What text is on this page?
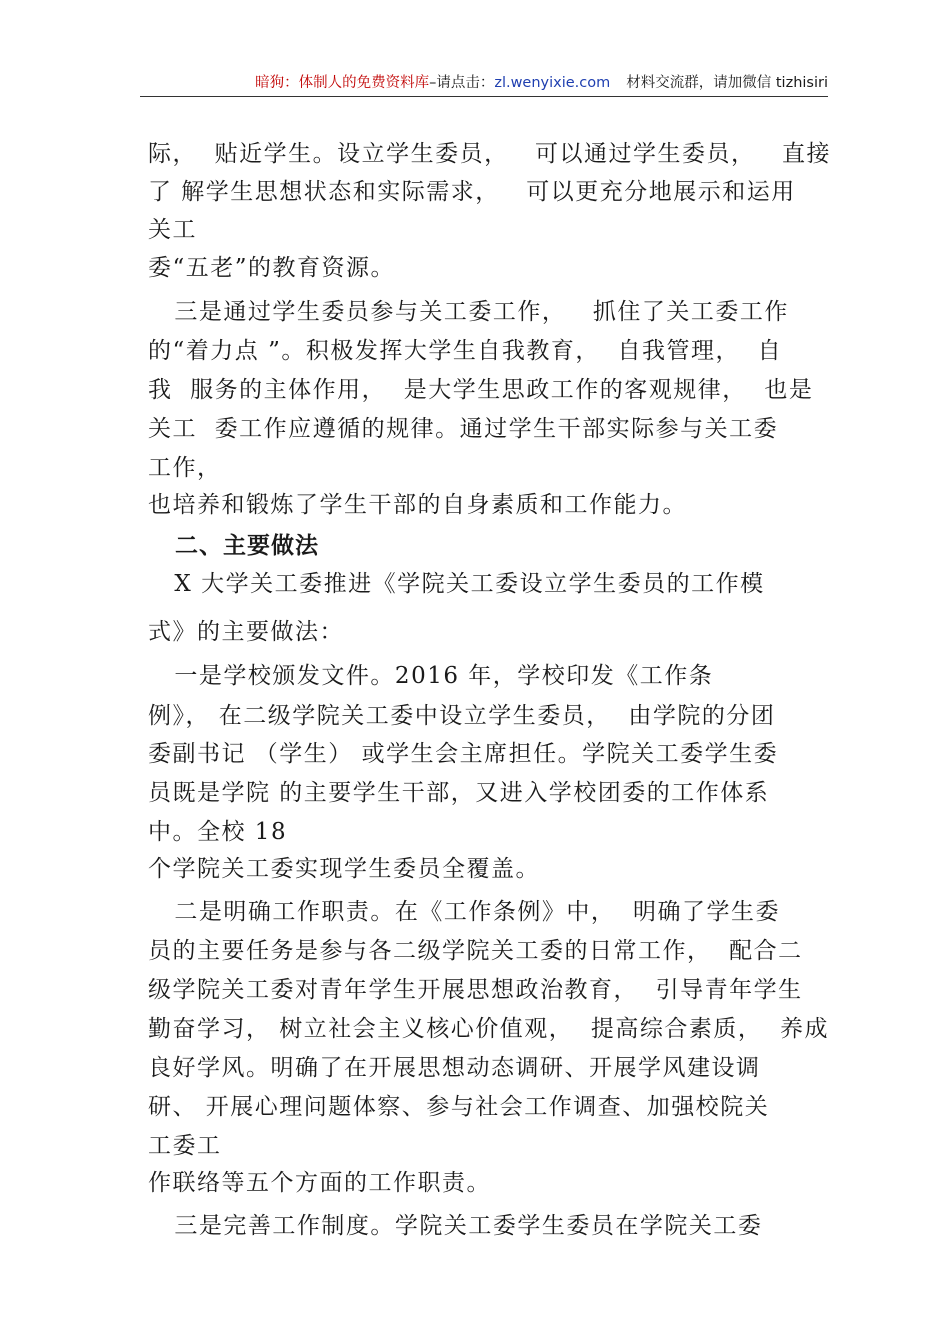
暗狗：体制人的免费资料库–请点击：zl.wenyixie.com 材料交流群，请加微信 tizhisiri
际，  贴近学生。设立学生委员，   可以通过学生委员，   直接
了 解学生思想状态和实际需求，   可以更充分地展示和运用
关工
委“五老”的教育资源。
三是通过学生委员参与关工委工作，   抓住了关工委工作
的“着力点 ”。积极发挥大学生自我教育，  自我管理，  自
我  服务的主体作用，  是大学生思政工作的客观规律，  也是
关工  委工作应遵循的规律。通过学生干部实际参与关工委
工作，
也培养和锻炼了学生干部的自身素质和工作能力。
二、主要做法
X 大学关工委推进《学院关工委设立学生委员的工作模
式》的主要做法：
一是学校颁发文件。2016 年，学校印发《工作条
例》， 在二级学院关工委中设立学生委员，  由学院的分团
委副书记 （学生） 或学生会主席担任。学院关工委学生委
员既是学院 的主要学生干部，又进入学校团委的工作体系
中。全校 18
个学院关工委实现学生委员全覆盖。
二是明确工作职责。在《工作条例》中，  明确了学生委
员的主要任务是参与各二级学院关工委的日常工作，  配合二
级学院关工委对青年学生开展思想政治教育，  引导青年学生
勤奋学习， 树立社会主义核心价值观，  提高综合素质，  养成
良好学风。明确了在开展思想动态调研、开展学风建设调
研、 开展心理问题体察、参与社会工作调查、加强校院关
工委工
作联络等五个方面的工作职责。
三是完善工作制度。学院关工委学生委员在学院关工委
